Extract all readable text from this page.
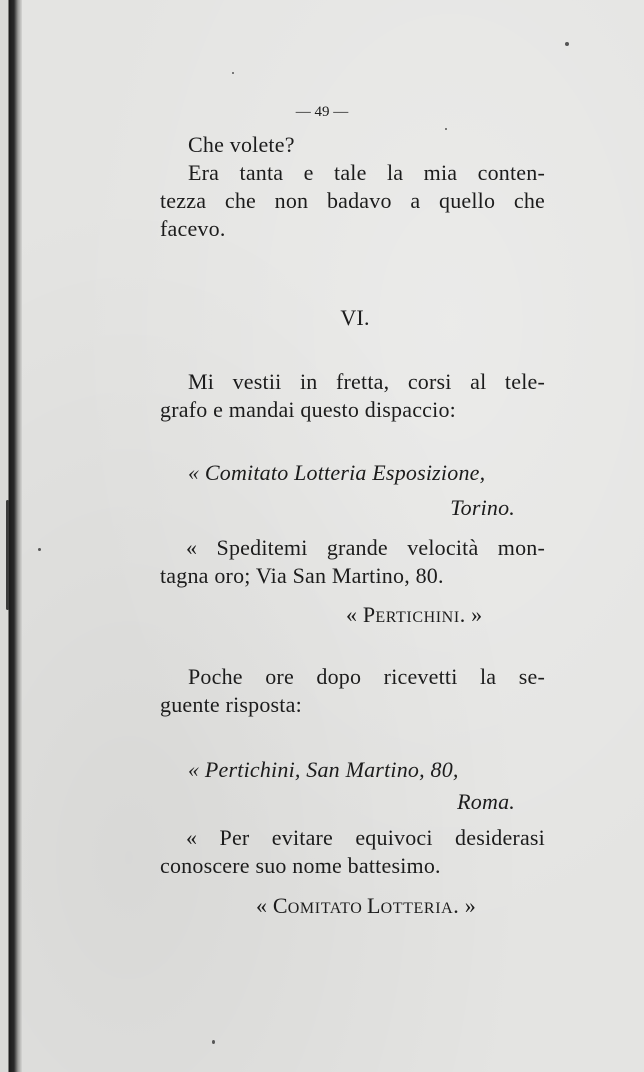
— 49 —
Che volete?
Era tanta e tale la mia conten-
tezza che non badavo a quello che
facevo.
VI.
Mi vestii in fretta, corsi al tele-
grafo e mandai questo dispaccio:
« Comitato Lotteria Esposizione,
Torino.
« Speditemi grande velocità mon-
tagna oro; Via San Martino, 80.
« PERTICHINI. »
Poche ore dopo ricevetti la se-
guente risposta:
« Pertichini, San Martino, 80,
Roma.
« Per evitare equivoci desiderasi
conoscere suo nome battesimo.
« COMITATO LOTTERIA. »
